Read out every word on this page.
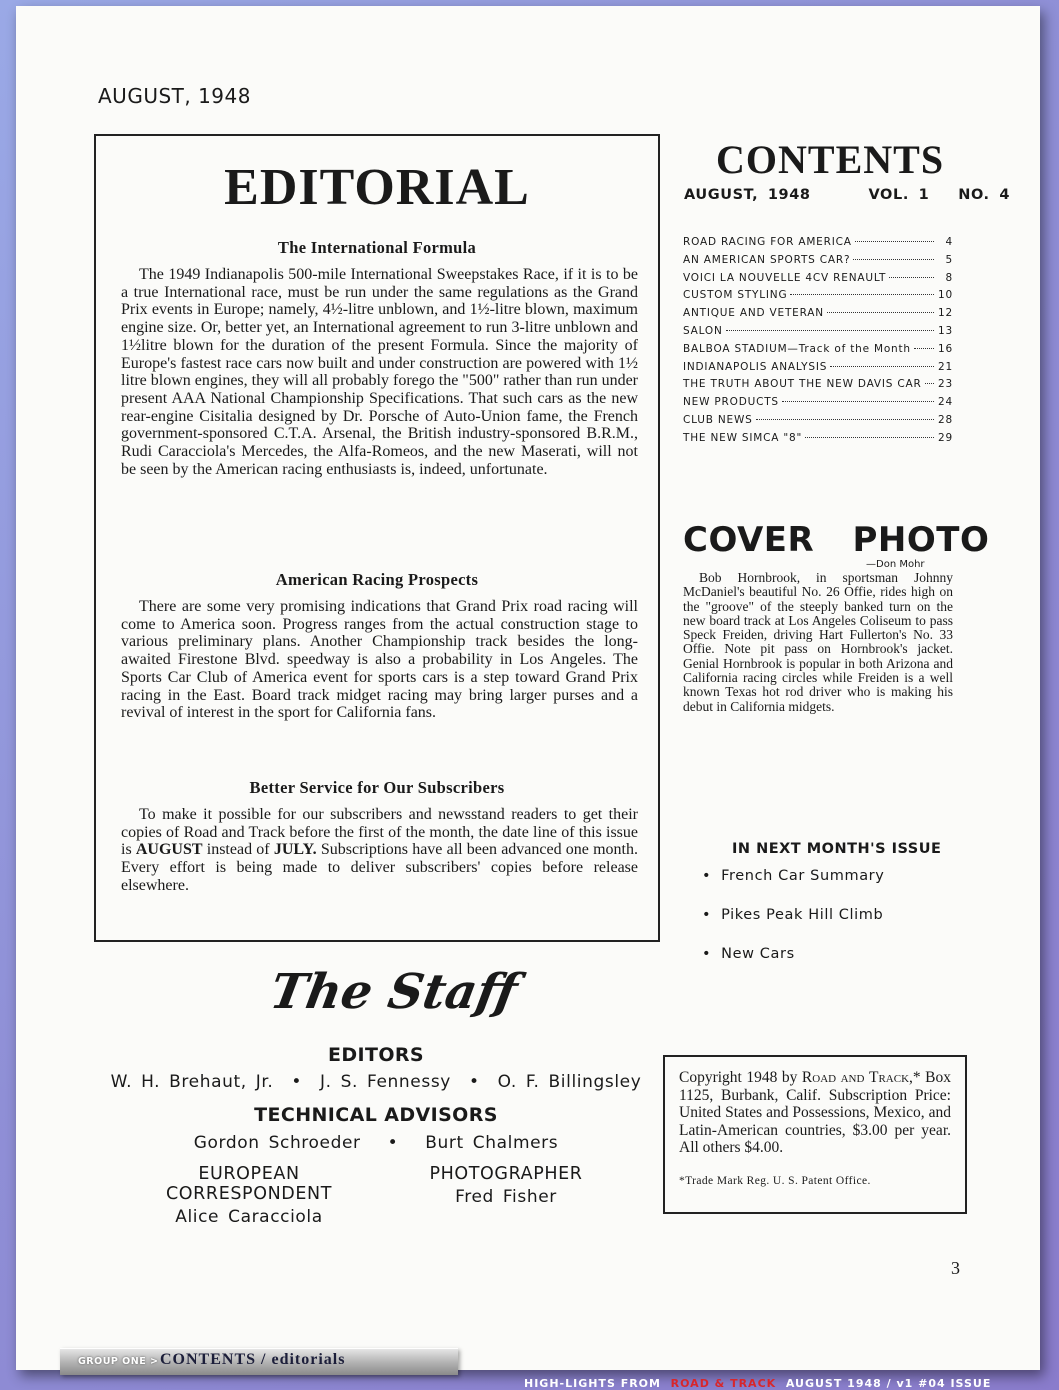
AUGUST, 1948
EDITORIAL
The International Formula

The 1949 Indianapolis 500-mile International Sweepstakes Race, if it is to be a true International race, must be run under the same regulations as the Grand Prix events in Europe; namely, 4½-litre unblown, and 1½-litre blown, maximum engine size. Or, better yet, an International agreement to run 3-litre unblown and 1½litre blown for the duration of the present Formula. Since the majority of Europe's fastest race cars now built and under construction are powered with 1½ litre blown engines, they will all probably forego the "500" rather than run under present AAA National Championship Specifications. That such cars as the new rear-engine Cisitalia designed by Dr. Porsche of Auto-Union fame, the French government-sponsored C.T.A. Arsenal, the British industry-sponsored B.R.M., Rudi Caracciola's Mercedes, the Alfa-Romeos, and the new Maserati, will not be seen by the American racing enthusiasts is, indeed, unfortunate.

American Racing Prospects

There are some very promising indications that Grand Prix road racing will come to America soon. Progress ranges from the actual construction stage to various preliminary plans. Another Championship track besides the long-awaited Firestone Blvd. speedway is also a probability in Los Angeles. The Sports Car Club of America event for sports cars is a step toward Grand Prix racing in the East. Board track midget racing may bring larger purses and a revival of interest in the sport for California fans.

Better Service for Our Subscribers

To make it possible for our subscribers and newsstand readers to get their copies of Road and Track before the first of the month, the date line of this issue is AUGUST instead of JULY. Subscriptions have all been advanced one month. Every effort is being made to deliver subscribers' copies before release elsewhere.

CONTENTS
AUGUST, 1948      VOL. 1   NO. 4
ROAD RACING FOR AMERICA	4
AN AMERICAN SPORTS CAR?	5
VOICI LA NOUVELLE 4CV RENAULT	8
CUSTOM STYLING	10
ANTIQUE AND VETERAN	12
SALON	13
BALBOA STADIUM—Track of the Month	16
INDIANAPOLIS ANALYSIS	21
THE TRUTH ABOUT THE NEW DAVIS CAR 23
NEW PRODUCTS	24
CLUB NEWS	28
THE NEW SIMCA "8"	29
COVER PHOTO
—Don Mohr

Bob Hornbrook, in sportsman Johnny McDaniel's beautiful No. 26 Offie, rides high on the "groove" of the steeply banked turn on the new board track at Los Angeles Coliseum to pass Speck Freiden, driving Hart Fullerton's No. 33 Offie. Note pit pass on Hornbrook's jacket. Genial Hornbrook is popular in both Arizona and California racing circles while Freiden is a well known Texas hot rod driver who is making his debut in California midgets.

IN NEXT MONTH'S ISSUE
• French Car Summary
• Pikes Peak Hill Climb
• New Cars
The Staff
EDITORS
W. H. Brehaut, Jr.  •  J. S. Fennessy  •  O. F. Billingsley
TECHNICAL ADVISORS
Gordon Schroeder   •   Burt Chalmers
EUROPEAN CORRESPONDENT
Alice Caracciola
PHOTOGRAPHER
Fred Fisher

Copyright 1948 by Road and Track,* Box 1125, Burbank, Calif. Subscription Price: United States and Possessions, Mexico, and Latin-American countries, $3.00 per year. All others $4.00.

*Trade Mark Reg. U. S. Patent Office.
3
GROUP ONE > CONTENTS / editorials
HIGH-LIGHTS FROM ROAD & TRACK AUGUST 1948 / v1 #04 ISSUE
